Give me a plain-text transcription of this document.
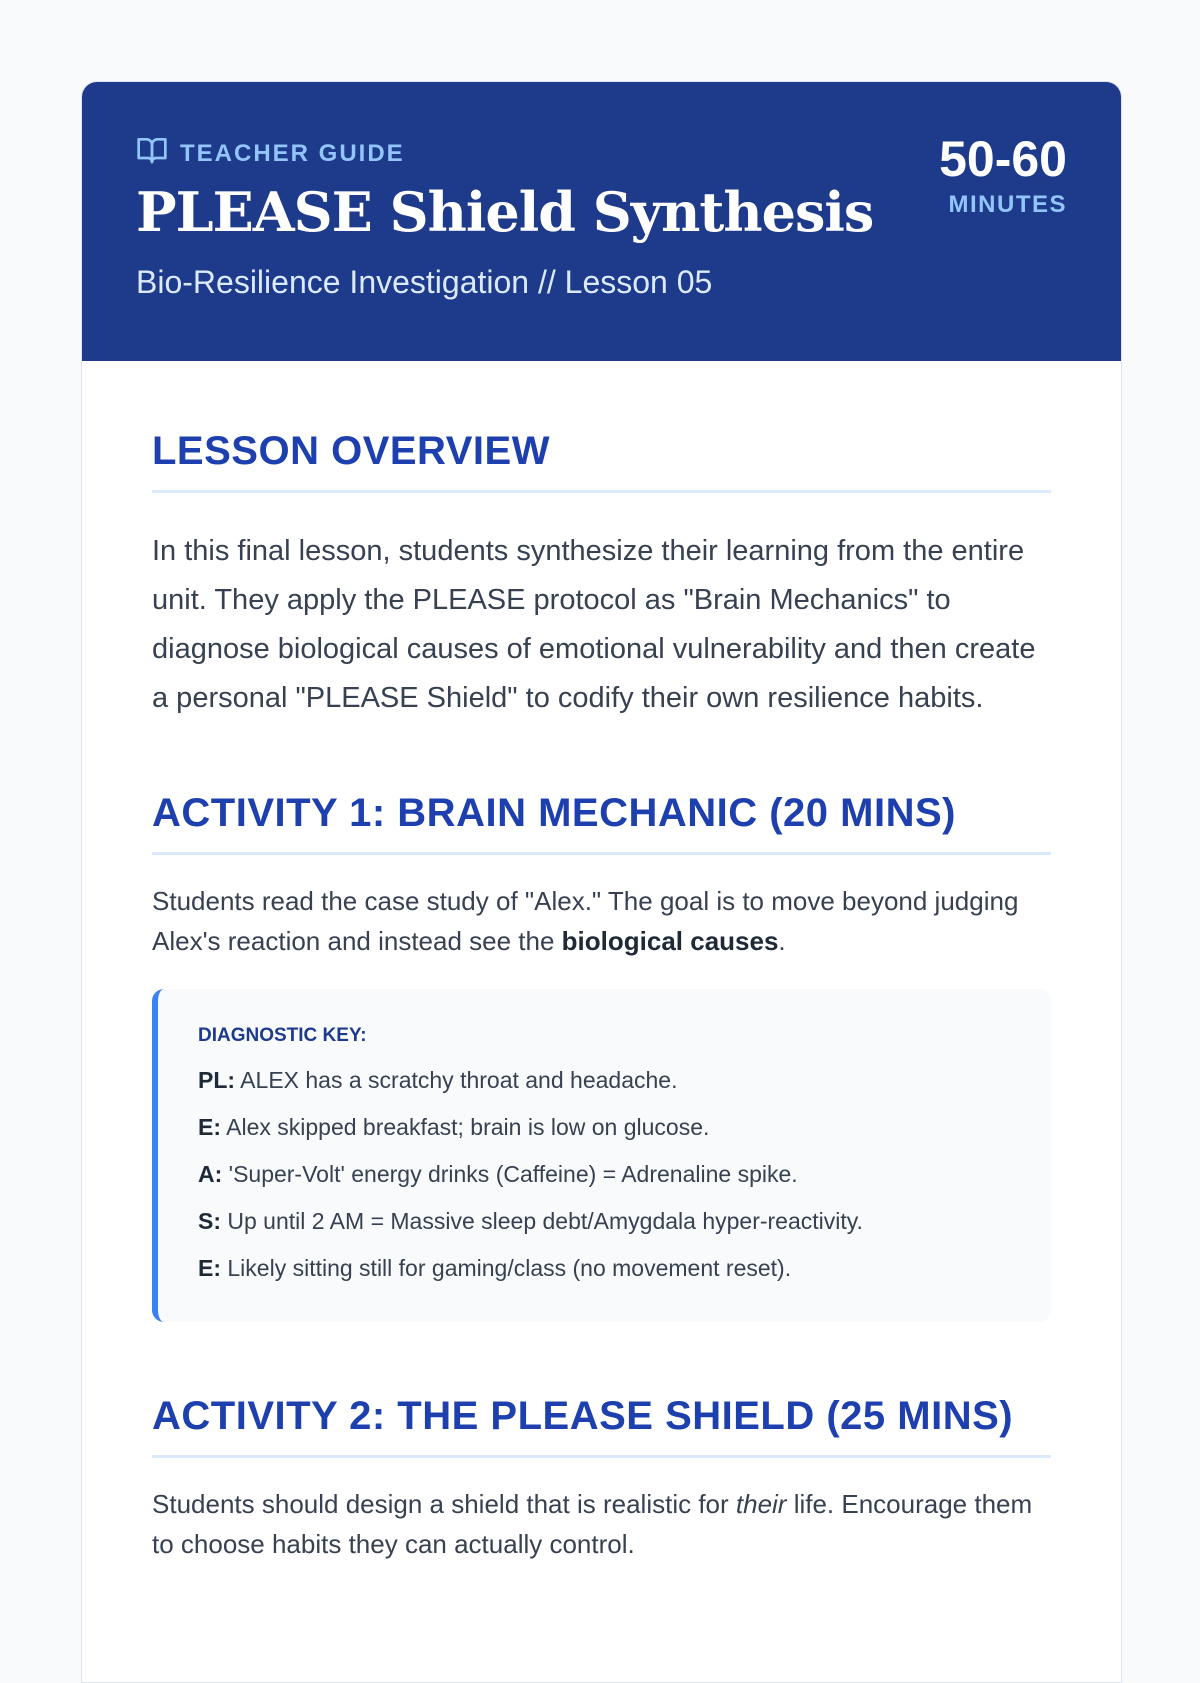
TEACHER GUIDE
PLEASE Shield Synthesis
Bio-Resilience Investigation // Lesson 05
50-60
MINUTES
LESSON OVERVIEW

In this final lesson, students synthesize their learning from the entire unit. They apply the PLEASE protocol as "Brain Mechanics" to diagnose biological causes of emotional vulnerability and then create a personal "PLEASE Shield" to codify their own resilience habits.

ACTIVITY 1: BRAIN MECHANIC (20 MINS)

Students read the case study of "Alex." The goal is to move beyond judging Alex's reaction and instead see the biological causes.

DIAGNOSTIC KEY:
PL: ALEX has a scratchy throat and headache.
E: Alex skipped breakfast; brain is low on glucose.
A: 'Super-Volt' energy drinks (Caffeine) = Adrenaline spike.
S: Up until 2 AM = Massive sleep debt/Amygdala hyper-reactivity.
E: Likely sitting still for gaming/class (no movement reset).
ACTIVITY 2: THE PLEASE SHIELD (25 MINS)

Students should design a shield that is realistic for their life. Encourage them to choose habits they can actually control.
